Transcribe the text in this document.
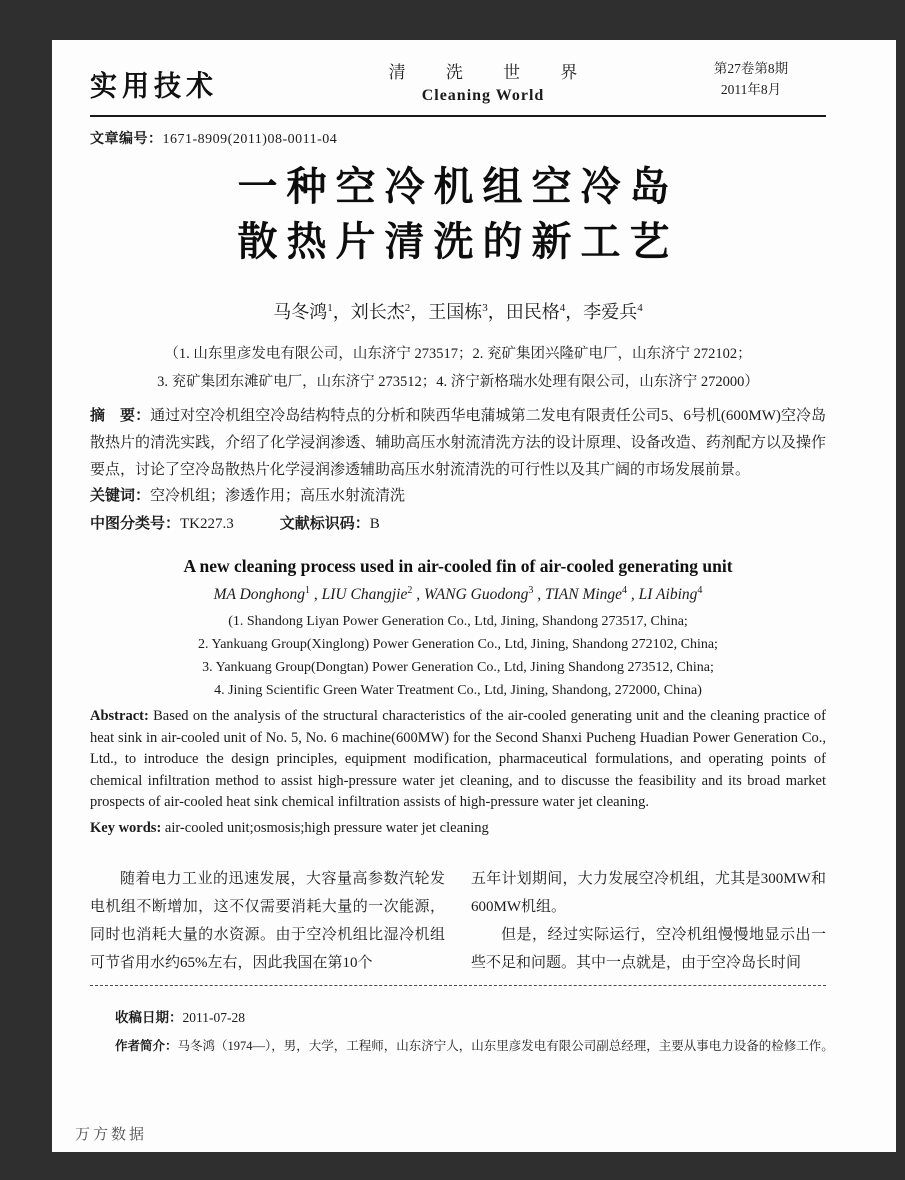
实用技术	清 洗 世 界
Cleaning World
第27卷第8期
2011年8月
文章编号：1671-8909(2011)08-0011-04
一种空冷机组空冷岛
散热片清洗的新工艺
马冬鸿$^1$，刘长杰$^2$，王国栋$^3$，田民格$^4$，李爱兵$^4$
（1. 山东里彦发电有限公司，山东济宁 273517；2. 兖矿集团兴隆矿电厂，山东济宁 272102；
3. 兖矿集团东滩矿电厂，山东济宁 273512；4. 济宁新格瑞水处理有限公司，山东济宁 272000）

摘　要：通过对空冷机组空冷岛结构特点的分析和陕西华电蒲城第二发电有限责任公司5、6号机(600MW)空冷岛散热片的清洗实践，介绍了化学浸润渗透、辅助高压水射流清洗方法的设计原理、设备改造、药剂配方以及操作要点，讨论了空冷岛散热片化学浸润渗透辅助高压水射流清洗的可行性以及其广阔的市场发展前景。

关键词：空冷机组；渗透作用；高压水射流清洗

中图分类号：TK227.3	文献标识码：B

A new cleaning process used in air-cooled fin of air-cooled generating unit
MA Donghong$^1$ , LIU Changjie$^2$ , WANG Guodong$^3$ , TIAN Minge$^4$ , LI Aibing$^4$
(1. Shandong Liyan Power Generation Co., Ltd, Jining, Shandong 273517, China;
2. Yankuang Group(Xinglong) Power Generation Co., Ltd, Jining, Shandong 272102, China;
3. Yankuang Group(Dongtan) Power Generation Co., Ltd, Jining Shandong 273512, China;
4. Jining Scientific Green Water Treatment Co., Ltd, Jining, Shandong, 272000, China)

Abstract: Based on the analysis of the structural characteristics of the air-cooled generating unit and the cleaning practice of heat sink in air-cooled unit of No. 5, No. 6 machine(600MW) for the Second Shanxi Pucheng Huadian Power Generation Co., Ltd., to introduce the design principles, equipment modification, pharmaceutical formulations, and operating points of chemical infiltration method to assist high-pressure water jet cleaning, and to discusse the feasibility and its broad market prospects of air-cooled heat sink chemical infiltration assists of high-pressure water jet cleaning.

Key words: air-cooled unit;osmosis;high pressure water jet cleaning

随着电力工业的迅速发展，大容量高参数汽轮发电机组不断增加，这不仅需要消耗大量的一次能源，同时也消耗大量的水资源。由于空冷机组比湿冷机组可节省用水约65%左右，因此我国在第10个

五年计划期间，大力发展空冷机组，尤其是300MW和600MW机组。

但是，经过实际运行，空冷机组慢慢地显示出一些不足和问题。其中一点就是，由于空冷岛长时间

收稿日期：2011-07-28

作者简介：马冬鸿（1974—），男，大学，工程师，山东济宁人，山东里彦发电有限公司副总经理，主要从事电力设备的检修工作。

万方数据
